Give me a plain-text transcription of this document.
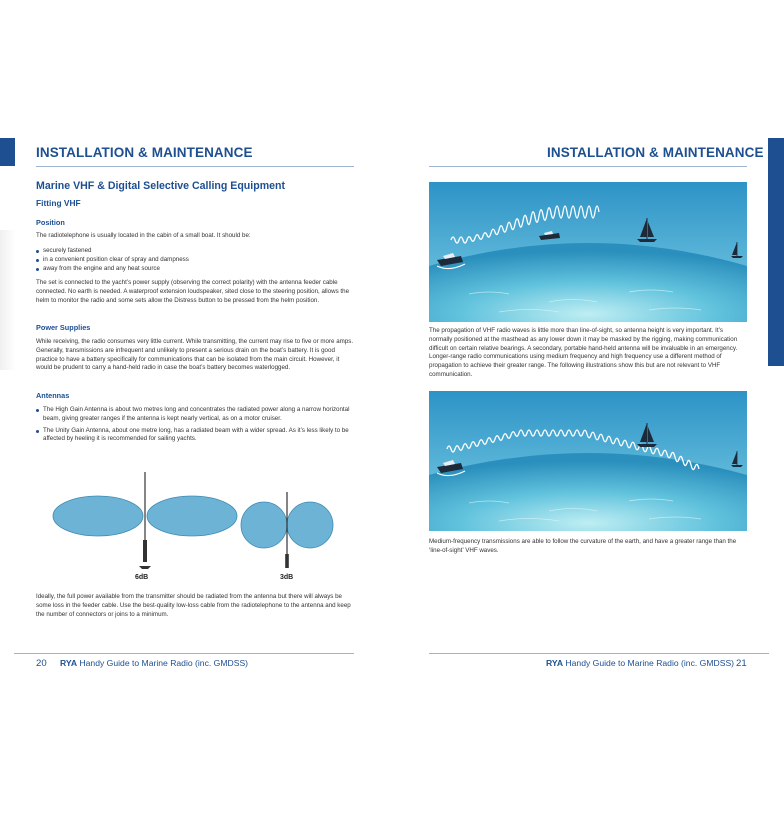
INSTALLATION & MAINTENANCE
Marine VHF & Digital Selective Calling Equipment
Fitting VHF
Position
The radiotelephone is usually located in the cabin of a small boat. It should be:
securely fastened
in a convenient position clear of spray and dampness
away from the engine and any heat source
The set is connected to the yacht’s power supply (observing the correct polarity) with the antenna feeder cable connected. No earth is needed. A waterproof extension loudspeaker, sited close to the steering position, allows the helm to monitor the radio and some sets allow the Distress button to be pressed from the helm position.
Power Supplies
While receiving, the radio consumes very little current. While transmitting, the current may rise to five or more amps. Generally, transmissions are infrequent and unlikely to present a serious drain on the boat’s battery. It is good practice to have a battery specifically for communications that can be isolated from the main circuit. However, it would be prudent to carry a hand-held radio in case the boat’s battery becomes waterlogged.
Antennas
The High Gain Antenna is about two metres long and concentrates the radiated power along a narrow horizontal beam, giving greater ranges if the antenna is kept nearly vertical, as on a motor cruiser.
The Unity Gain Antenna, about one metre long, has a radiated beam with a wider spread. As it’s less likely to be affected by heeling it is recommended for sailing yachts.
6dB	3dB
Ideally, the full power available from the transmitter should be radiated from the antenna but there will always be some loss in the feeder cable. Use the best-quality low-loss cable from the radiotelephone to the antenna and keep the number of connectors or joins to a minimum.
20 RYA Handy Guide to Marine Radio (inc. GMDSS)
INSTALLATION & MAINTENANCE
The propagation of VHF radio waves is little more than line-of-sight, so antenna height is very important. It’s normally positioned at the masthead as any lower down it may be masked by the rigging, making communication difficult on certain relative bearings. A secondary, portable hand-held antenna will be invaluable in an emergency. Longer-range radio communications using medium frequency and high frequency use a different method of propagation to achieve their greater range. The following illustrations show this but are not relevant to VHF communication.
Medium-frequency transmissions are able to follow the curvature of the earth, and have a greater range than the ‘line-of-sight’ VHF waves.
RYA Handy Guide to Marine Radio (inc. GMDSS) 21
